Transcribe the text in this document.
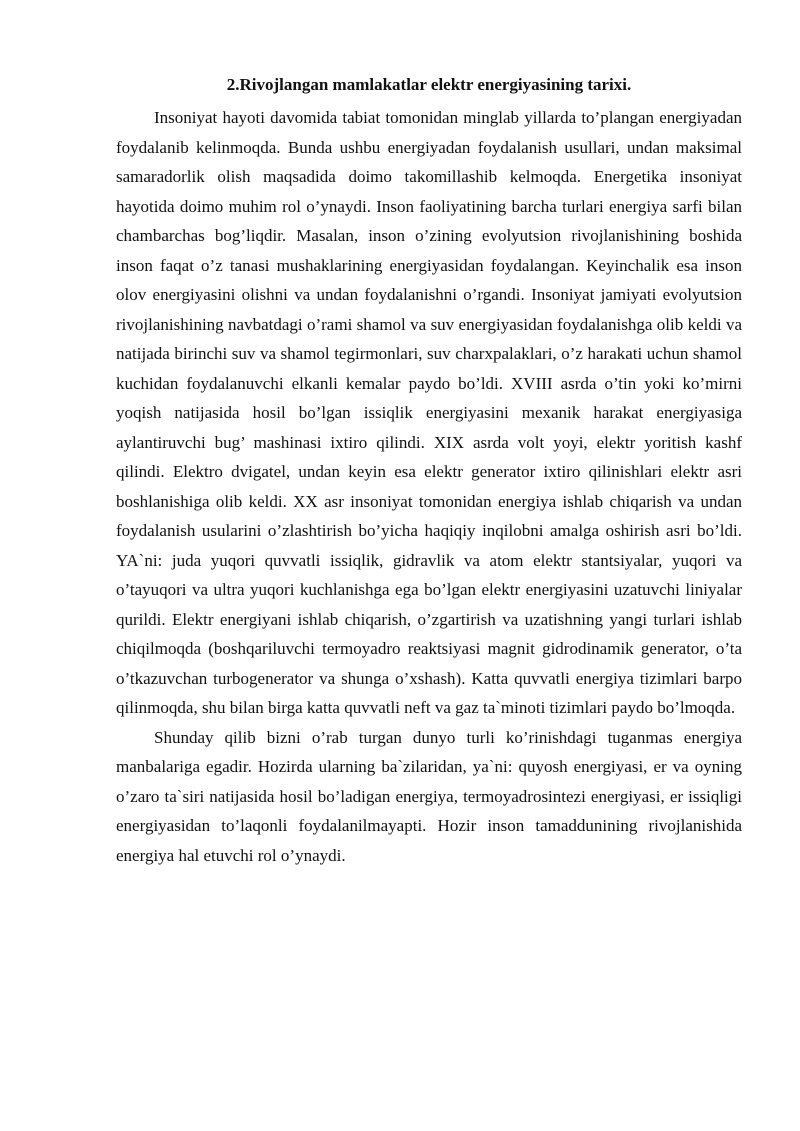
2.Rivojlangan mamlakatlar elektr energiyasining tarixi.

Insoniyat hayoti davomida tabiat tomonidan minglab yillarda to’plangan energiyadan foydalanib kelinmoqda. Bunda ushbu energiyadan foydalanish usullari, undan maksimal samaradorlik olish maqsadida doimo takomillashib kelmoqda. Energetika insoniyat hayotida doimo muhim rol o’ynaydi. Inson faoliyatining barcha turlari energiya sarfi bilan chambarchas bog’liqdir. Masalan, inson o’zining evolyutsion rivojlanishining boshida inson faqat o’z tanasi mushaklarining energiyasidan foydalangan. Keyinchalik esa inson olov energiyasini olishni va undan foydalanishni o’rgandi. Insoniyat jamiyati evolyutsion rivojlanishining navbatdagi o’rami shamol va suv energiyasidan foydalanishga olib keldi va natijada birinchi suv va shamol tegirmonlari, suv charxpalaklari, o’z harakati uchun shamol kuchidan foydalanuvchi elkanli kemalar paydo bo’ldi. XVIII asrda o’tin yoki ko’mirni yoqish natijasida hosil bo’lgan issiqlik energiyasini mexanik harakat energiyasiga aylantiruvchi bug’ mashinasi ixtiro qilindi. XIX asrda volt yoyi, elektr yoritish kashf qilindi. Elektro dvigatel, undan keyin esa elektr generator ixtiro qilinishlari elektr asri boshlanishiga olib keldi. XX asr insoniyat tomonidan energiya ishlab chiqarish va undan foydalanish usularini o’zlashtirish bo’yicha haqiqiy inqilobni amalga oshirish asri bo’ldi. YA`ni: juda yuqori quvvatli issiqlik, gidravlik va atom elektr stantsiyalar, yuqori va o’tayuqori va ultra yuqori kuchlanishga ega bo’lgan elektr energiyasini uzatuvchi liniyalar qurildi. Elektr energiyani ishlab chiqarish, o’zgartirish va uzatishning yangi turlari ishlab chiqilmoqda (boshqariluvchi termoyadro reaktsiyasi magnit gidrodinamik generator, o’ta o’tkazuvchan turbogenerator va shunga o’xshash). Katta quvvatli energiya tizimlari barpo qilinmoqda, shu bilan birga katta quvvatli neft va gaz ta`minoti tizimlari paydo bo’lmoqda.

Shunday qilib bizni o’rab turgan dunyo turli ko’rinishdagi tuganmas energiya manbalariga egadir. Hozirda ularning ba`zilaridan, ya`ni: quyosh energiyasi, er va oyning o’zaro ta`siri natijasida hosil bo’ladigan energiya, termoyadrosintezi energiyasi, er issiqligi energiyasidan to’laqonli foydalanilmayapti. Hozir inson tamaddunining rivojlanishida energiya hal etuvchi rol o’ynaydi.
